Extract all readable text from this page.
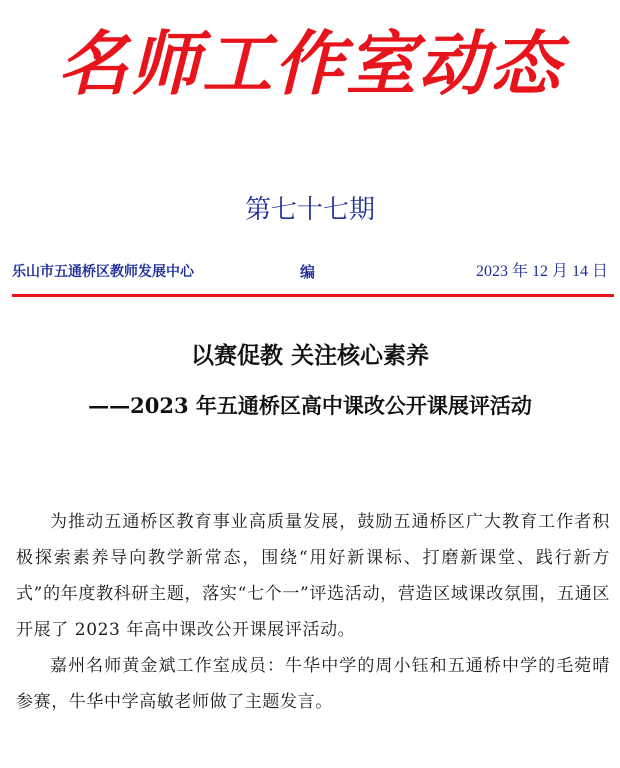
名师工作室动态
第七十七期
乐山市五通桥区教师发展中心	编	2023 年 12 月 14 日
以赛促教 关注核心素养
——2023 年五通桥区高中课改公开课展评活动

为推动五通桥区教育事业高质量发展，鼓励五通桥区广大教育工作者积极探索素养导向教学新常态，围绕“用好新课标、打磨新课堂、践行新方式”的年度教科研主题，落实“七个一”评选活动，营造区域课改氛围，五通区开展了 2023 年高中课改公开课展评活动。

嘉州名师黄金斌工作室成员：牛华中学的周小钰和五通桥中学的毛菀晴参赛，牛华中学高敏老师做了主题发言。
